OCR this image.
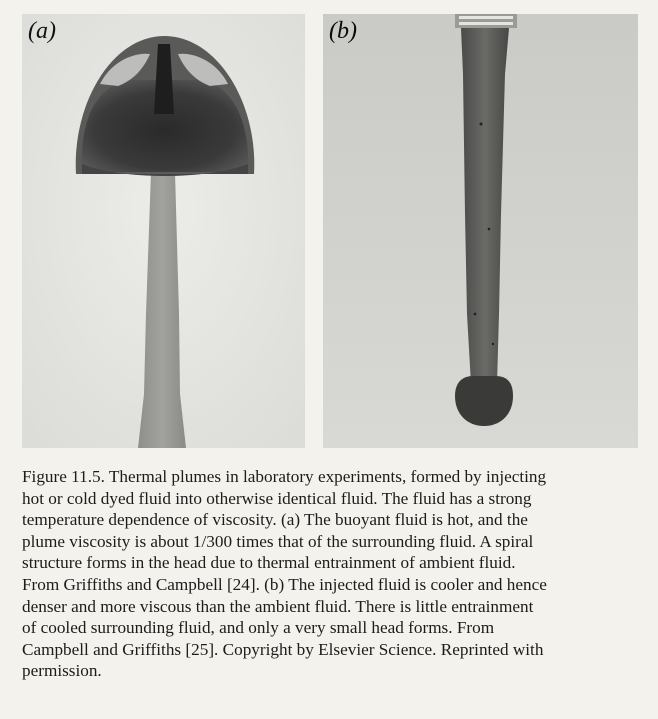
(a)	(b)

Figure 11.5. Thermal plumes in laboratory experiments, formed by injecting

hot or cold dyed fluid into otherwise identical fluid. The fluid has a strong

temperature dependence of viscosity. (a) The buoyant fluid is hot, and the

plume viscosity is about 1/300 times that of the surrounding fluid. A spiral

structure forms in the head due to thermal entrainment of ambient fluid.

From Griffiths and Campbell [24]. (b) The injected fluid is cooler and hence

denser and more viscous than the ambient fluid. There is little entrainment

of cooled surrounding fluid, and only a very small head forms. From

Campbell and Griffiths [25]. Copyright by Elsevier Science. Reprinted with

permission.
